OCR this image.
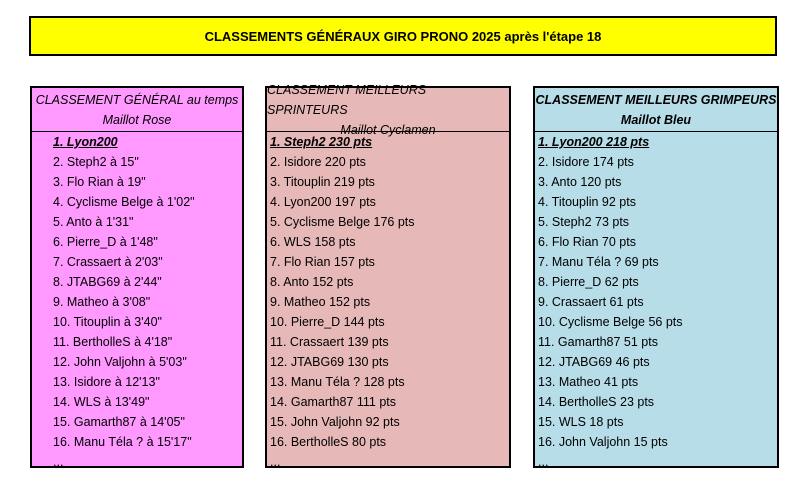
CLASSEMENTS GÉNÉRAUX GIRO PRONO 2025 après l'étape 18
CLASSEMENT GÉNÉRAL au temps
Maillot Rose
1. Lyon200
2. Steph2 à 15"
3. Flo Rian à 19"
4. Cyclisme Belge à 1'02"
5. Anto à 1'31"
6. Pierre_D à 1'48"
7. Crassaert à 2'03"
8. JTABG69 à 2'44"
9. Matheo à 3'08"
10. Titouplin à 3'40"
11. BertholleS à 4'18"
12. John Valjohn à 5'03"
13. Isidore à 12'13"
14. WLS à 13'49"
15. Gamarth87 à 14'05"
16. Manu Téla ? à 15'17"
...
CLASSEMENT MEILLEURS SPRINTEURS
Maillot Cyclamen
1. Steph2 230 pts
2. Isidore 220 pts
3. Titouplin 219 pts
4. Lyon200 197 pts
5. Cyclisme Belge 176 pts
6. WLS 158 pts
7. Flo Rian 157 pts
8. Anto 152 pts
9. Matheo 152 pts
10. Pierre_D 144 pts
11. Crassaert 139 pts
12. JTABG69 130 pts
13. Manu Téla ? 128 pts
14. Gamarth87 111 pts
15. John Valjohn 92 pts
16. BertholleS 80 pts
...
CLASSEMENT MEILLEURS GRIMPEURS
Maillot Bleu
1. Lyon200 218 pts
2. Isidore 174 pts
3. Anto 120 pts
4. Titouplin 92 pts
5. Steph2 73 pts
6. Flo Rian 70 pts
7. Manu Téla ? 69 pts
8. Pierre_D 62 pts
9. Crassaert 61 pts
10. Cyclisme Belge 56 pts
11. Gamarth87 51 pts
12. JTABG69 46 pts
13. Matheo 41 pts
14. BertholleS 23 pts
15. WLS 18 pts
16. John Valjohn 15 pts
...
